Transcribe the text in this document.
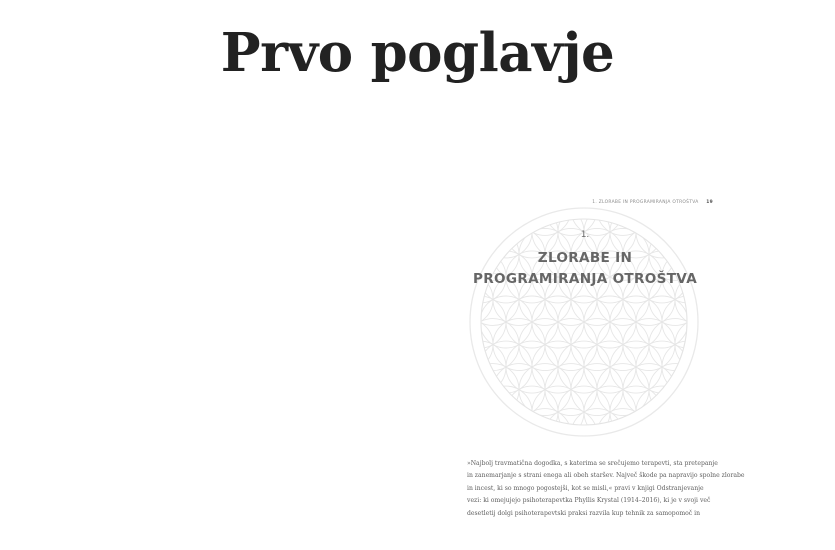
Prvo poglavje
1. ZLORABE IN PROGRAMIRANJA OTROŠTVA 19
1.
ZLORABE IN
PROGRAMIRANJA OTROŠTVA
»Najbolj travmatična dogodka, s katerima se srečujemo terapevti, sta pretepanje
in zanemarjanje s strani enega ali obeh staršev. Največ škode pa napravijo spolne zlorabe
in incest, ki so mnogo pogostejši, kot se misli,« pravi v knjigi Odstranjevanje
vezi: ki omejujejo psihoterapevtka Phyllis Krystal (1914–2016), ki je v svoji več
desetletij dolgi psihoterapevtski praksi razvila kup tehnik za samopomoč in
